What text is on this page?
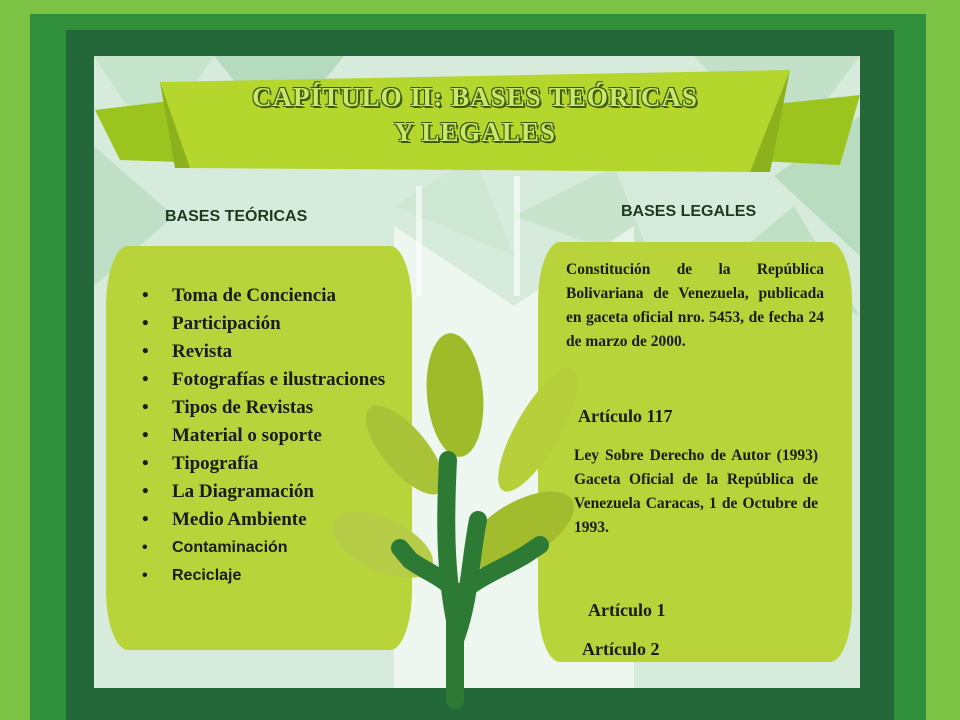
CAPÍTULO II: BASES TEÓRICAS
Y LEGALES
BASES TEÓRICAS	BASES LEGALES
• Toma de Conciencia
• Participación
• Revista
• Fotografías e ilustraciones
• Tipos de Revistas
• Material o soporte
• Tipografía
• La Diagramación
• Medio Ambiente
• Contaminación
• Reciclaje
Constitución de la República Bolivariana de Venezuela, publicada en gaceta oficial nro. 5453, de fecha 24 de marzo de 2000.
Artículo 117
Ley Sobre Derecho de Autor (1993) Gaceta Oficial de la República de Venezuela Caracas, 1 de Octubre de 1993.
Artículo 1
Artículo 2
